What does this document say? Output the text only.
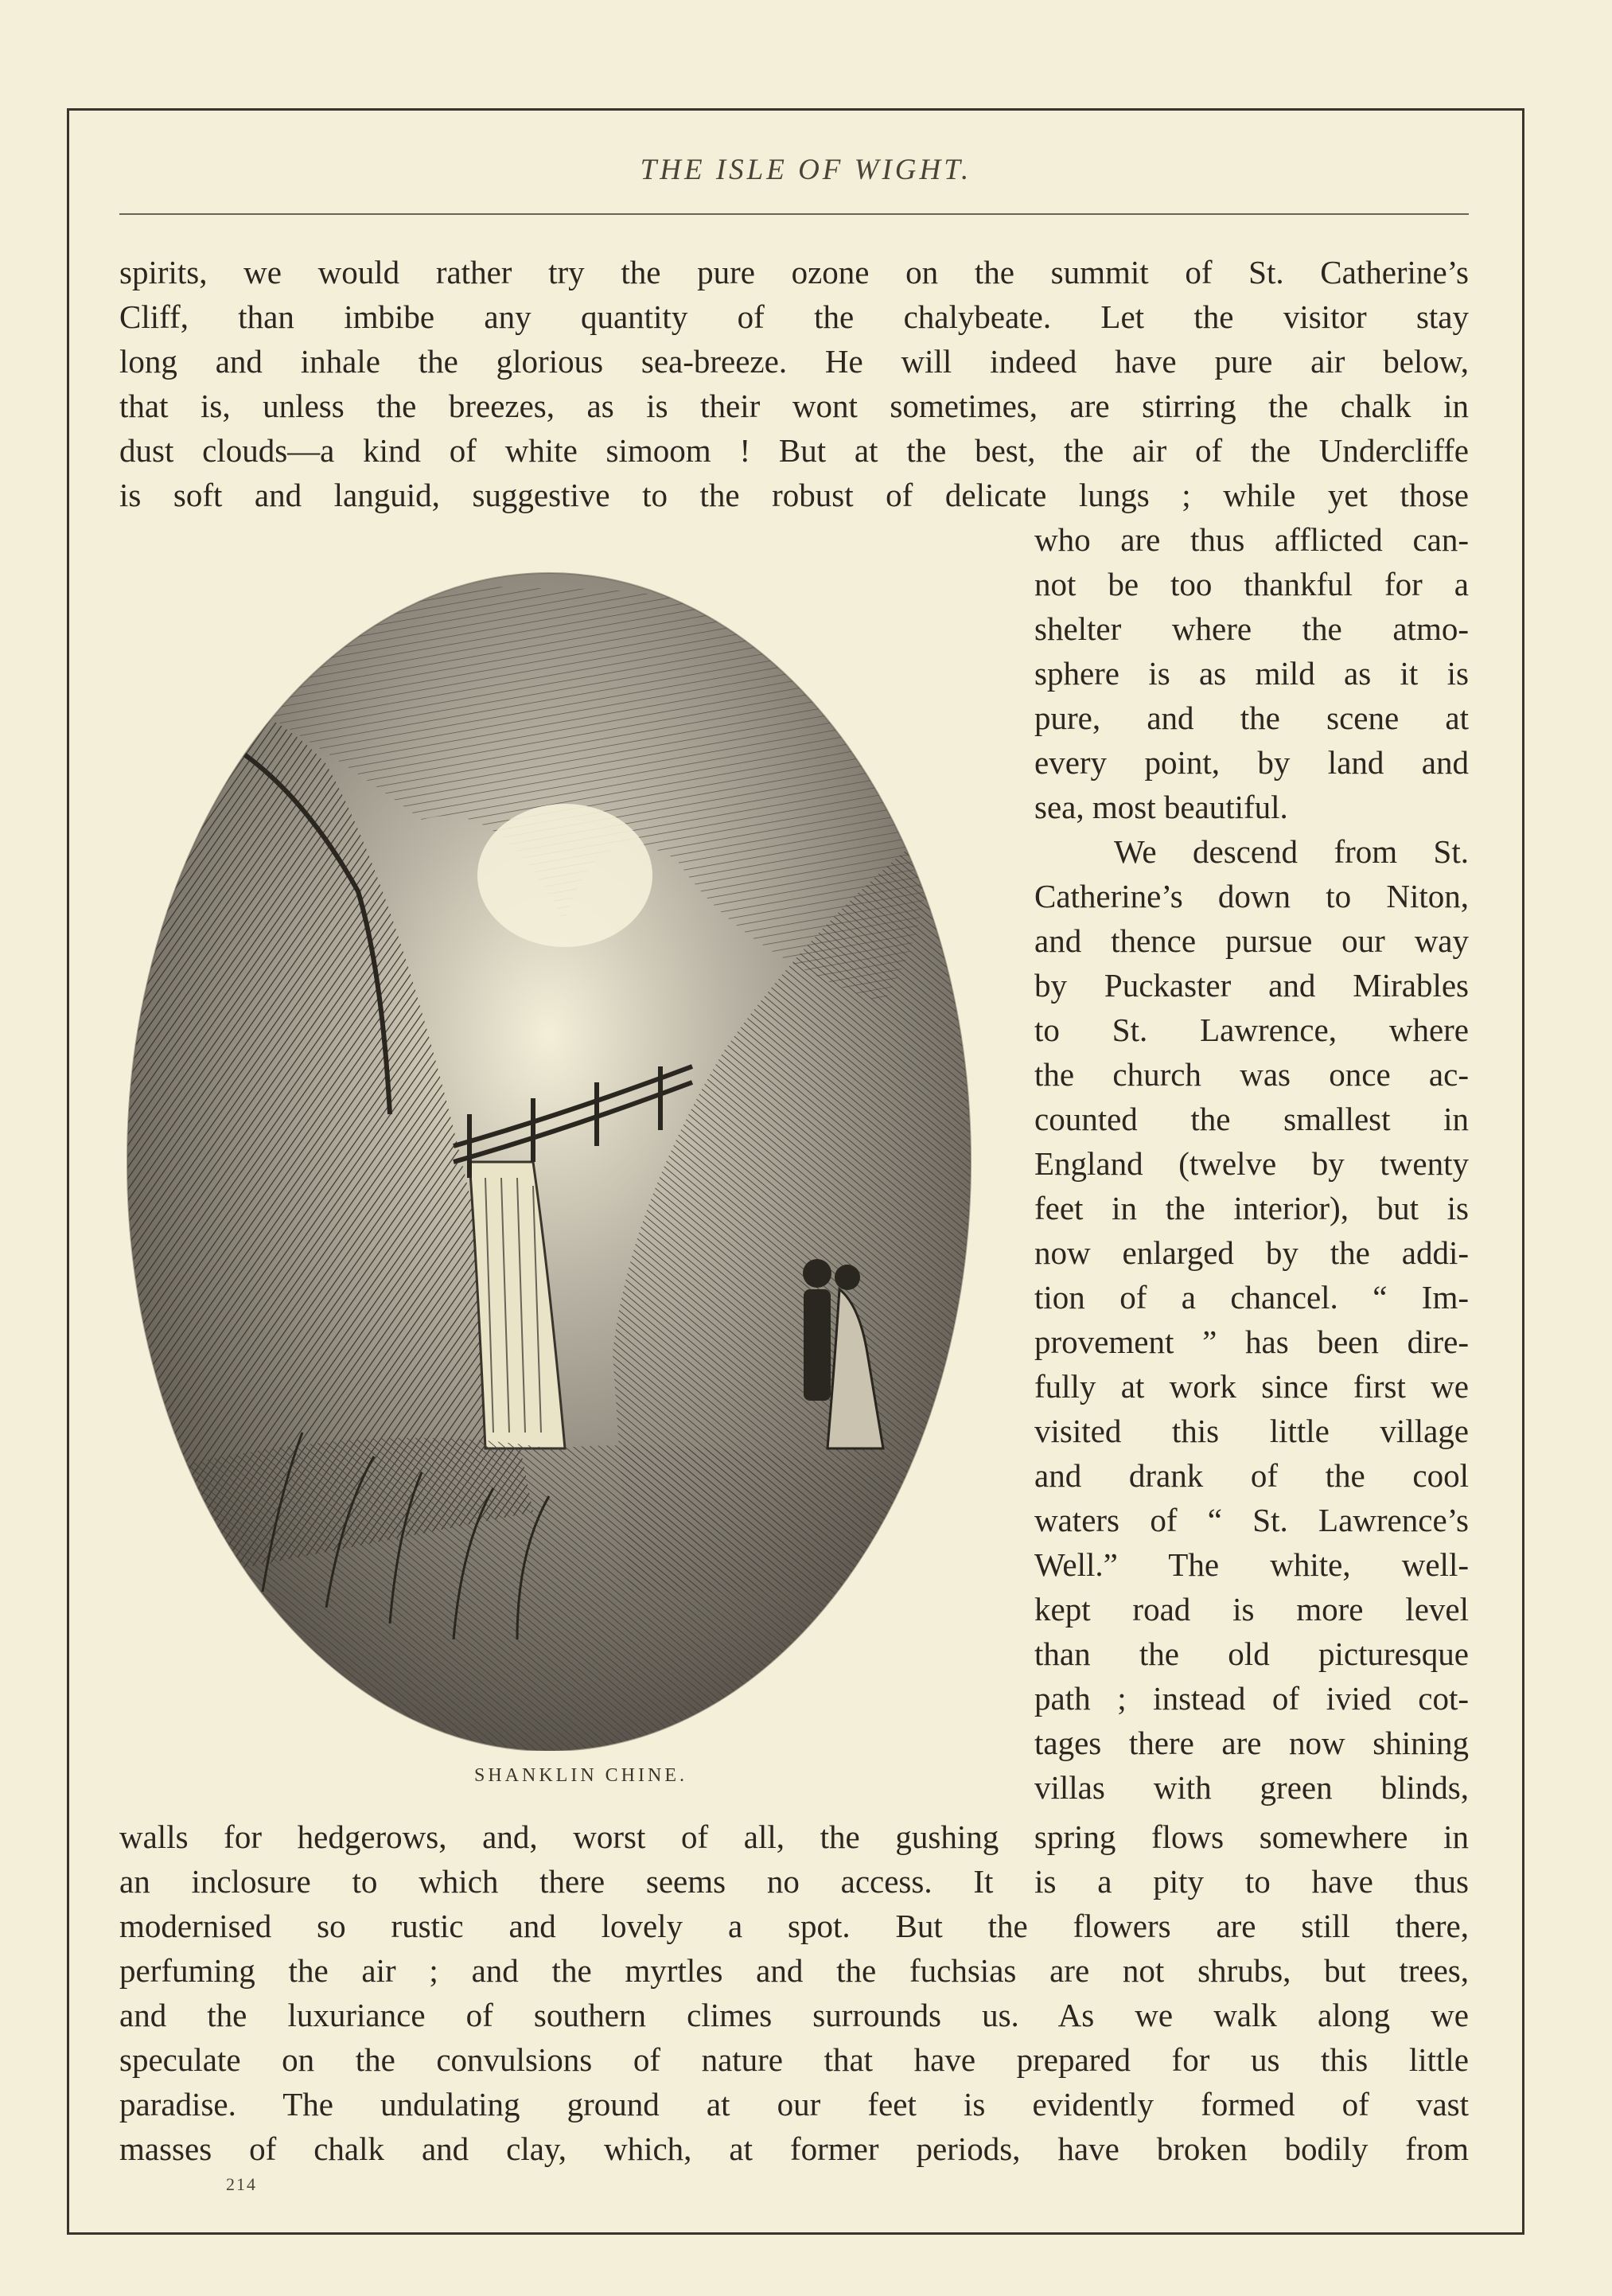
THE ISLE OF WIGHT.
spirits, we would rather try the pure ozone on the summit of St. Catherine’s
Cliff, than imbibe any quantity of the chalybeate. Let the visitor stay
long and inhale the glorious sea-breeze. He will indeed have pure air below,
that is, unless the breezes, as is their wont sometimes, are stirring the chalk in
dust clouds—a kind of white simoom ! But at the best, the air of the Undercliffe
is soft and languid, suggestive to the robust of delicate lungs ; while yet those
who are thus afflicted can-
not be too thankful for a
shelter where the atmo-
sphere is as mild as it is
pure, and the scene at
every point, by land and
sea, most beautiful.
We descend from St.
Catherine’s down to Niton,
and thence pursue our way
by Puckaster and Mirables
to St. Lawrence, where
the church was once ac-
counted the smallest in
England (twelve by twenty
feet in the interior), but is
now enlarged by the addi-
tion of a chancel. “ Im-
provement ” has been dire-
fully at work since first we
visited this little village
and drank of the cool
waters of “ St. Lawrence’s
Well.” The white, well-
kept road is more level
than the old picturesque
path ; instead of ivied cot-
tages there are now shining
villas with green blinds,
walls for hedgerows, and, worst of all, the gushing spring flows somewhere in
an inclosure to which there seems no access. It is a pity to have thus
modernised so rustic and lovely a spot. But the flowers are still there,
perfuming the air ; and the myrtles and the fuchsias are not shrubs, but trees,
and the luxuriance of southern climes surrounds us. As we walk along we
speculate on the convulsions of nature that have prepared for us this little
paradise. The undulating ground at our feet is evidently formed of vast
masses of chalk and clay, which, at former periods, have broken bodily from
SHANKLIN CHINE.
214
